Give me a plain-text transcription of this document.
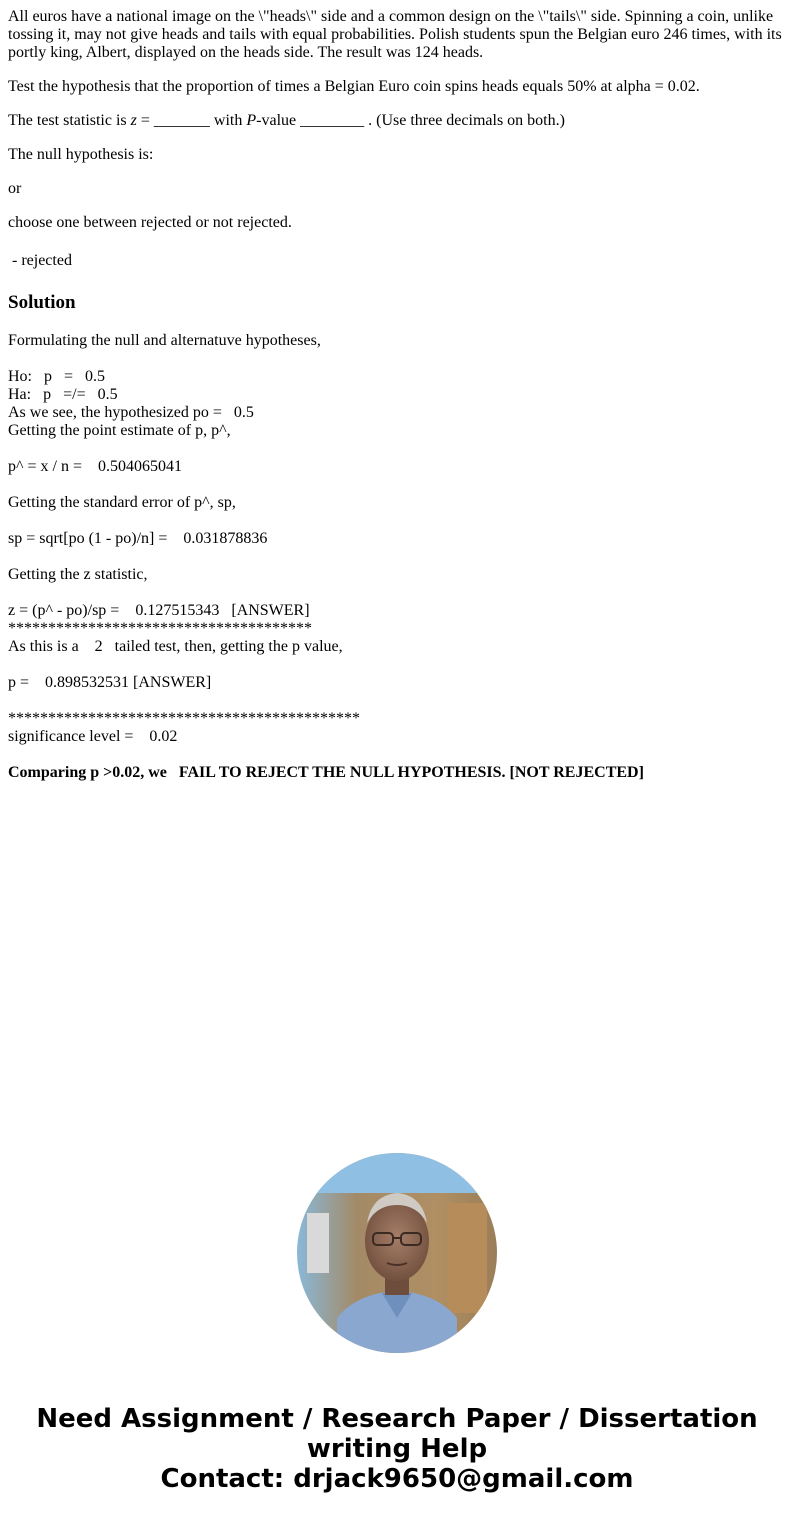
All euros have a national image on the \"heads\" side and a common design on the \"tails\" side. Spinning a coin, unlike tossing it, may not give heads and tails with equal probabilities. Polish students spun the Belgian euro 246 times, with its portly king, Albert, displayed on the heads side. The result was 124 heads.

Test the hypothesis that the proportion of times a Belgian Euro coin spins heads equals 50% at alpha = 0.02.

The test statistic is z = _______ with P-value ________ . (Use three decimals on both.)

The null hypothesis is:

or

choose one between rejected or not rejected.

- rejected

Solution
Formulating the null and alternatuve hypotheses,
Ho:   p   =   0.5
Ha:   p   =/=   0.5
As we see, the hypothesized po =   0.5
Getting the point estimate of p, p^,
p^ = x / n =    0.504065041
Getting the standard error of p^, sp,
sp = sqrt[po (1 - po)/n] =    0.031878836
Getting the z statistic,
z = (p^ - po)/sp =    0.127515343   [ANSWER]
**************************************
As this is a    2   tailed test, then, getting the p value,
p =    0.898532531 [ANSWER]
********************************************
significance level =    0.02
Comparing p >0.02, we   FAIL TO REJECT THE NULL HYPOTHESIS. [NOT REJECTED]
Need Assignment / Research Paper / Dissertation
writing Help
Contact: drjack9650@gmail.com
